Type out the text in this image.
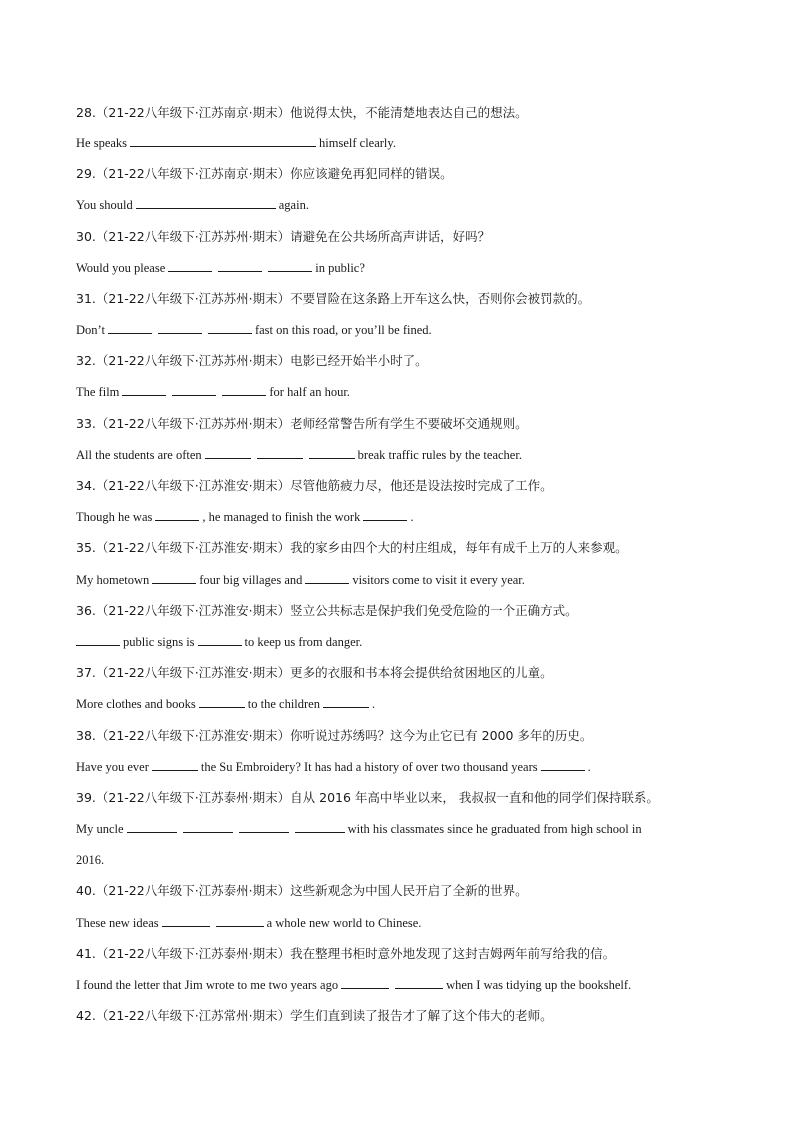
28.（21-22八年级下·江苏南京·期末）他说得太快，不能清楚地表达自己的想法。
He speaks	himself clearly.
29.（21-22八年级下·江苏南京·期末）你应该避免再犯同样的错误。
You should	again.
30.（21-22八年级下·江苏苏州·期末）请避免在公共场所高声讲话，好吗？
Would you please	in public?
31.（21-22八年级下·江苏苏州·期末）不要冒险在这条路上开车这么快，否则你会被罚款的。
Don’t	fast on this road, or you’ll be fined.
32.（21-22八年级下·江苏苏州·期末）电影已经开始半小时了。
The film	for half an hour.
33.（21-22八年级下·江苏苏州·期末）老师经常警告所有学生不要破坏交通规则。
All the students are often	break traffic rules by the teacher.
34.（21-22八年级下·江苏淮安·期末）尽管他筋疲力尽，他还是设法按时完成了工作。
Though he was	, he managed to finish the work	.
35.（21-22八年级下·江苏淮安·期末）我的家乡由四个大的村庄组成，每年有成千上万的人来参观。
My hometown	four big villages and	visitors come to visit it every year.
36.（21-22八年级下·江苏淮安·期末）竖立公共标志是保护我们免受危险的一个正确方式。
public signs is	to keep us from danger.
37.（21-22八年级下·江苏淮安·期末）更多的衣服和书本将会提供给贫困地区的儿童。
More clothes and books	to the children	.
38.（21-22八年级下·江苏淮安·期末）你听说过苏绣吗？这今为止它已有 2000 多年的历史。
Have you ever	the Su Embroidery? It has had a history of over two thousand years	.
39.（21-22八年级下·江苏泰州·期末）自从 2016 年高中毕业以来， 我叔叔一直和他的同学们保持联系。
My uncle	with his classmates since he graduated from high school in
2016.
40.（21-22八年级下·江苏泰州·期末）这些新观念为中国人民开启了全新的世界。
These new ideas	a whole new world to Chinese.
41.（21-22八年级下·江苏泰州·期末）我在整理书柜时意外地发现了这封吉姆两年前写给我的信。
I found the letter that Jim wrote to me two years ago	when I was tidying up the bookshelf.
42.（21-22八年级下·江苏常州·期末）学生们直到读了报告才了解了这个伟大的老师。
